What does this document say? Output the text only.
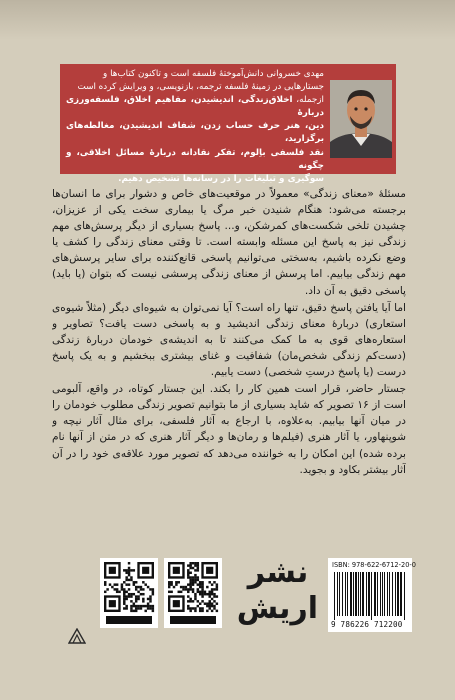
مهدی خسروانی دانش‌آموختهٔ فلسفه است و تاکنون کتاب‌ها و
جستارهایی در زمینهٔ فلسفه ترجمه، بازنویسی، و ویرایش کرده است
ازجمله، اخلاق‌زندگی، اندیشیدن، مفاهیم اخلاق، فلسفه‌ورزی دربارهٔ
دین، هنر حرف حساب زدن، شفاف اندیشیدن، مغالطه‌های برگزارید،
نقد فلسفی باِلوم، تفکر نقادانه دربارهٔ مسائل اخلاقی، و چگونه
سوگیری و تبلیغات را در رسانه‌ها تشخیص دهیم.

مسئلهٔ «معنای زندگی» معمولاً در موقعیت‌های خاص و دشوار برای ما انسان‌ها برجسته می‌شود: هنگام شنیدن خبر مرگ یا بیماری سخت یکی از عزیزان، چشیدن تلخی شکست‌های کمرشکن، و... پاسخ بسیاری از دیگر پرسش‌های مهم زندگی نیز به پاسخ این مسئله وابسته است. تا وقتی معنای زندگی را کشف یا وضع نکرده باشیم، به‌سختی می‌توانیم پاسخی قانع‌کننده برای سایر پرسش‌های مهم زندگی بیابیم. اما پرسش از معنای زندگی پرسشی نیست که بتوان (یا باید) پاسخی دقیق به آن داد.

اما آیا یافتن پاسخ دقیق، تنها راه است؟ آیا نمی‌توان به شیوه‌ای دیگر (مثلاً شیوه‌ی استعاری) دربارهٔ معنای زندگی اندیشید و به پاسخی دست یافت؟ تصاویر و استعاره‌های قوی به ما کمک می‌کنند تا به اندیشه‌ی خودمان دربارهٔ زندگی (دست‌کم زندگی شخص‌مان) شفافیت و غنای بیشتری ببخشیم و به یک پاسخ درست (یا پاسخ درستِ شخصی) دست یابیم.

جستار حاضر، قرار است همین کار را بکند. این جستار کوتاه، در واقع، آلبومی است از ۱۶ تصویر که شاید بسیاری از ما بتوانیم تصویر زندگی مطلوب خودمان را در میان آنها بیابیم. به‌علاوه، با ارجاع به آثار فلسفی، برای مثال آثار نیچه و شوپنهاور، یا آثار هنری (فیلم‌ها و رمان‌ها و دیگر آثار هنری که در متن از آنها نام برده شده) این امکان را به خواننده می‌دهد که تصویر مورد علاقه‌ی خود را در آن آثار بیشتر بکاود و بجوید.

نشر
اریش
ISBN: 978-622-6712-20-0
9 786226 712200
